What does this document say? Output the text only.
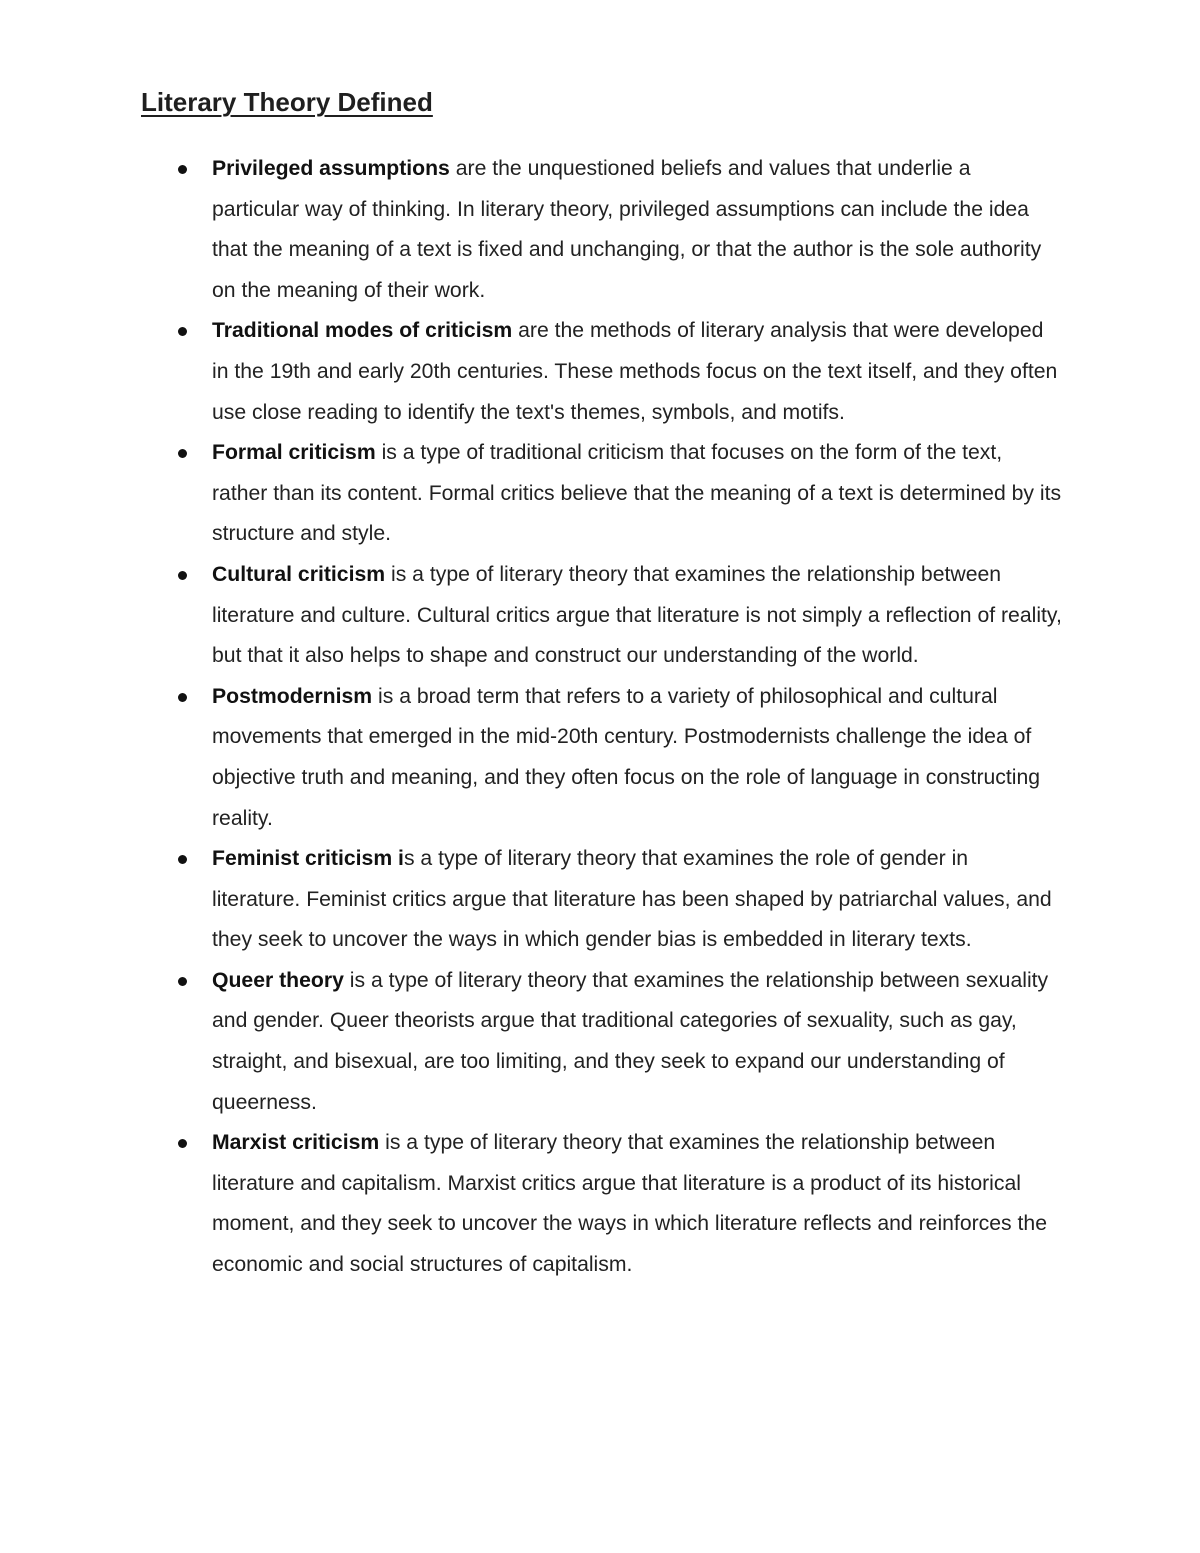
Literary Theory Defined
Privileged assumptions are the unquestioned beliefs and values that underlie a particular way of thinking. In literary theory, privileged assumptions can include the idea that the meaning of a text is fixed and unchanging, or that the author is the sole authority on the meaning of their work.
Traditional modes of criticism are the methods of literary analysis that were developed in the 19th and early 20th centuries. These methods focus on the text itself, and they often use close reading to identify the text's themes, symbols, and motifs.
Formal criticism is a type of traditional criticism that focuses on the form of the text, rather than its content. Formal critics believe that the meaning of a text is determined by its structure and style.
Cultural criticism is a type of literary theory that examines the relationship between literature and culture. Cultural critics argue that literature is not simply a reflection of reality, but that it also helps to shape and construct our understanding of the world.
Postmodernism is a broad term that refers to a variety of philosophical and cultural movements that emerged in the mid-20th century. Postmodernists challenge the idea of objective truth and meaning, and they often focus on the role of language in constructing reality.
Feminist criticism is a type of literary theory that examines the role of gender in literature. Feminist critics argue that literature has been shaped by patriarchal values, and they seek to uncover the ways in which gender bias is embedded in literary texts.
Queer theory is a type of literary theory that examines the relationship between sexuality and gender. Queer theorists argue that traditional categories of sexuality, such as gay, straight, and bisexual, are too limiting, and they seek to expand our understanding of queerness.
Marxist criticism is a type of literary theory that examines the relationship between literature and capitalism. Marxist critics argue that literature is a product of its historical moment, and they seek to uncover the ways in which literature reflects and reinforces the economic and social structures of capitalism.
